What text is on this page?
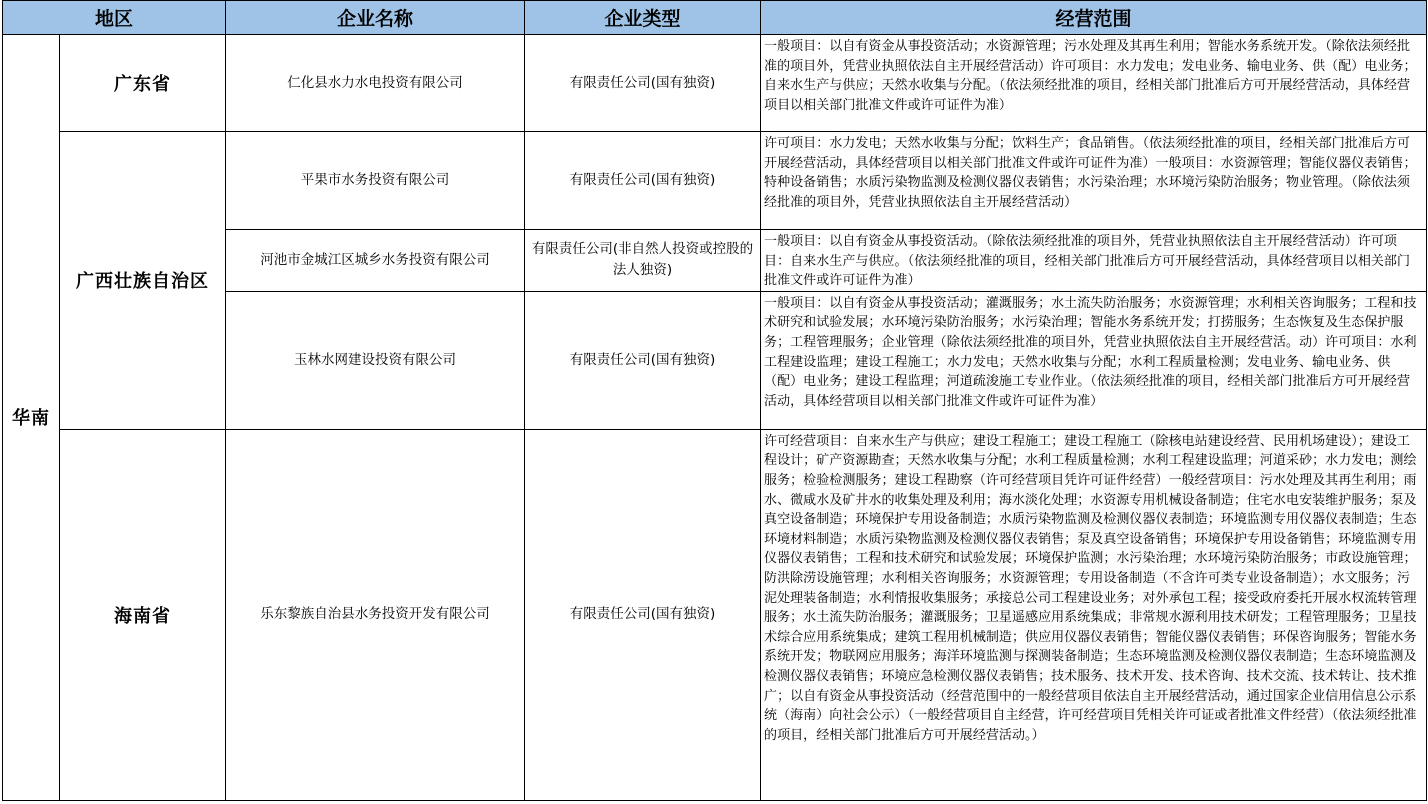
地区		企业名称	企业类型	经营范围
华南	广东省	仁化县水力水电投资有限公司	有限责任公司(国有独资)	一般项目：以自有资金从事投资活动；水资源管理；污水处理及其再生利用；智能水务系统开发。（除依法须经批准的项目外，凭营业执照依法自主开展经营活动）许可项目：水力发电；发电业务、输电业务、供（配）电业务；自来水生产与供应；天然水收集与分配。（依法须经批准的项目，经相关部门批准后方可开展经营活动，具体经营项目以相关部门批准文件或许可证件为准）
	广西壮族自治区	平果市水务投资有限公司	有限责任公司(国有独资)	许可项目：水力发电；天然水收集与分配；饮料生产；食品销售。（依法须经批准的项目，经相关部门批准后方可开展经营活动，具体经营项目以相关部门批准文件或许可证件为准）一般项目：水资源管理；智能仪器仪表销售；特种设备销售；水质污染物监测及检测仪器仪表销售；水污染治理；水环境污染防治服务；物业管理。（除依法须经批准的项目外，凭营业执照依法自主开展经营活动）
		河池市金城江区城乡水务投资有限公司	有限责任公司(非自然人投资或控股的法人独资)	一般项目：以自有资金从事投资活动。（除依法须经批准的项目外，凭营业执照依法自主开展经营活动）许可项目：自来水生产与供应。（依法须经批准的项目，经相关部门批准后方可开展经营活动，具体经营项目以相关部门批准文件或许可证件为准）
		玉林水网建设投资有限公司	有限责任公司(国有独资)	一般项目：以自有资金从事投资活动；灌溉服务；水土流失防治服务；水资源管理；水利相关咨询服务；工程和技术研究和试验发展；水环境污染防治服务；水污染治理；智能水务系统开发；打捞服务；生态恢复及生态保护服务；工程管理服务；企业管理（除依法须经批准的项目外，凭营业执照依法自主开展经营活。动）许可项目：水利工程建设监理；建设工程施工；水力发电；天然水收集与分配；水利工程质量检测；发电业务、输电业务、供（配）电业务；建设工程监理；河道疏浚施工专业作业。（依法须经批准的项目，经相关部门批准后方可开展经营活动，具体经营项目以相关部门批准文件或许可证件为准）
	海南省	乐东黎族自治县水务投资开发有限公司	有限责任公司(国有独资)	许可经营项目：自来水生产与供应；建设工程施工；建设工程施工（除核电站建设经营、民用机场建设）；建设工程设计；矿产资源勘查；天然水收集与分配；水利工程质量检测；水利工程建设监理；河道采砂；水力发电；测绘服务；检验检测服务；建设工程勘察（许可经营项目凭许可证件经营）一般经营项目：污水处理及其再生利用；雨水、微咸水及矿井水的收集处理及利用；海水淡化处理；水资源专用机械设备制造；住宅水电安装维护服务；泵及真空设备制造；环境保护专用设备制造；水质污染物监测及检测仪器仪表制造；环境监测专用仪器仪表制造；生态环境材料制造；水质污染物监测及检测仪器仪表销售；泵及真空设备销售；环境保护专用设备销售；环境监测专用仪器仪表销售；工程和技术研究和试验发展；环境保护监测；水污染治理；水环境污染防治服务；市政设施管理；防洪除涝设施管理；水利相关咨询服务；水资源管理；专用设备制造（不含许可类专业设备制造）；水文服务；污泥处理装备制造；水利情报收集服务；承接总公司工程建设业务；对外承包工程；接受政府委托开展水权流转管理服务；水土流失防治服务；灌溉服务；卫星遥感应用系统集成；非常规水源利用技术研发；工程管理服务；卫星技术综合应用系统集成；建筑工程用机械制造；供应用仪器仪表销售；智能仪器仪表销售；环保咨询服务；智能水务系统开发；物联网应用服务；海洋环境监测与探测装备制造；生态环境监测及检测仪器仪表制造；生态环境监测及检测仪器仪表销售；环境应急检测仪器仪表销售；技术服务、技术开发、技术咨询、技术交流、技术转让、技术推广；以自有资金从事投资活动（经营范围中的一般经营项目依法自主开展经营活动，通过国家企业信用信息公示系统（海南）向社会公示）（一般经营项目自主经营，许可经营项目凭相关许可证或者批准文件经营）（依法须经批准的项目，经相关部门批准后方可开展经营活动。）
